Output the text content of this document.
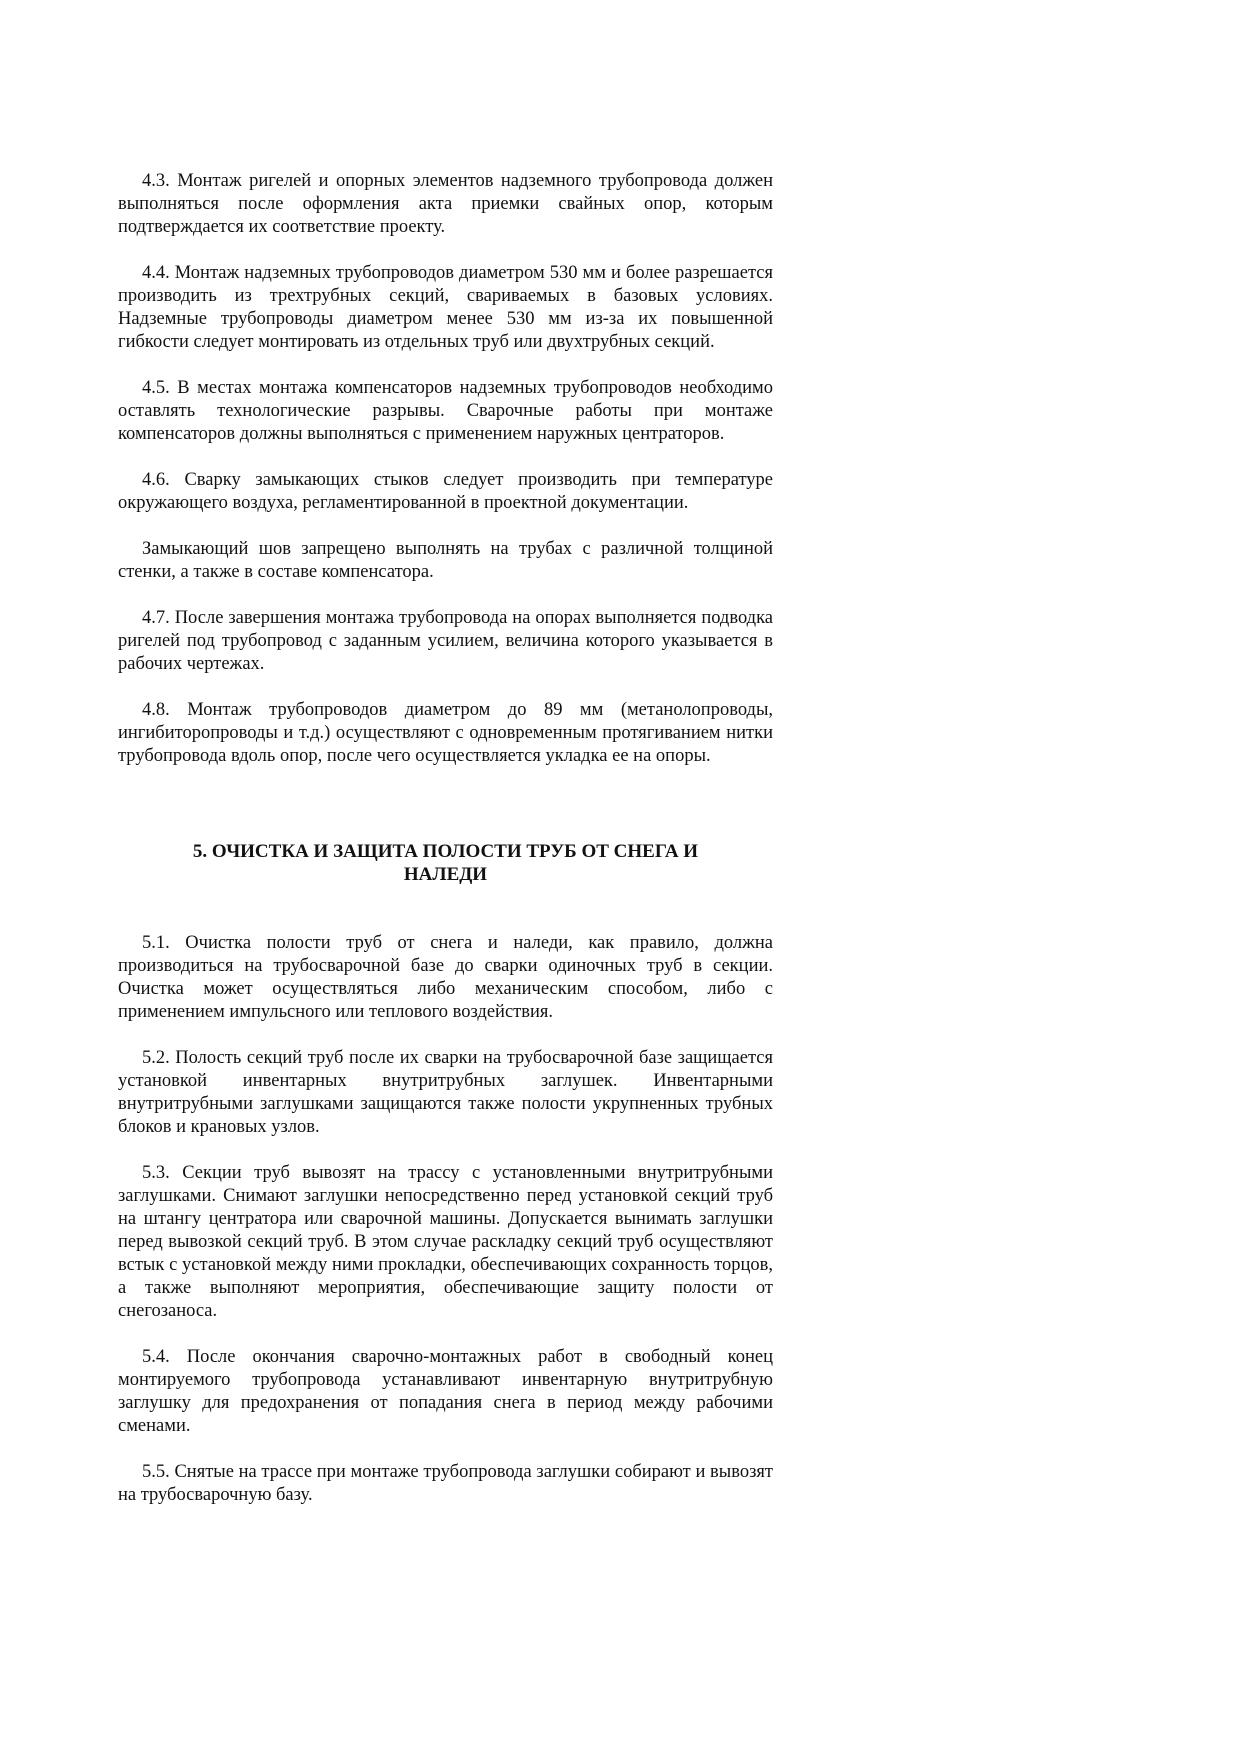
4.3. Монтаж ригелей и опорных элементов надземного трубопровода должен выполняться после оформления акта приемки свайных опор, которым подтверждается их соответствие проекту.

4.4. Монтаж надземных трубопроводов диаметром 530 мм и более разрешается производить из трехтрубных секций, свариваемых в базовых условиях. Надземные трубопроводы диаметром менее 530 мм из-за их повышенной гибкости следует монтировать из отдельных труб или двухтрубных секций.

4.5. В местах монтажа компенсаторов надземных трубопроводов необходимо оставлять технологические разрывы. Сварочные работы при монтаже компенсаторов должны выполняться с применением наружных центраторов.

4.6. Сварку замыкающих стыков следует производить при температуре окружающего воздуха, регламентированной в проектной документации.

Замыкающий шов запрещено выполнять на трубах с различной толщиной стенки, а также в составе компенсатора.

4.7. После завершения монтажа трубопровода на опорах выполняется подводка ригелей под трубопровод с заданным усилием, величина которого указывается в рабочих чертежах.

4.8. Монтаж трубопроводов диаметром до 89 мм (метанолопроводы, ингибиторопроводы и т.д.) осуществляют с одновременным протягиванием нитки трубопровода вдоль опор, после чего осуществляется укладка ее на опоры.

5. ОЧИСТКА И ЗАЩИТА ПОЛОСТИ ТРУБ ОТ СНЕГА И НАЛЕДИ

5.1. Очистка полости труб от снега и наледи, как правило, должна производиться на трубосварочной базе до сварки одиночных труб в секции. Очистка может осуществляться либо механическим способом, либо с применением импульсного или теплового воздействия.

5.2. Полость секций труб после их сварки на трубосварочной базе защищается установкой инвентарных внутритрубных заглушек. Инвентарными внутритрубными заглушками защищаются также полости укрупненных трубных блоков и крановых узлов.

5.3. Секции труб вывозят на трассу с установленными внутритрубными заглушками. Снимают заглушки непосредственно перед установкой секций труб на штангу центратора или сварочной машины. Допускается вынимать заглушки перед вывозкой секций труб. В этом случае раскладку секций труб осуществляют встык с установкой между ними прокладки, обеспечивающих сохранность торцов, а также выполняют мероприятия, обеспечивающие защиту полости от снегозаноса.

5.4. После окончания сварочно-монтажных работ в свободный конец монтируемого трубопровода устанавливают инвентарную внутритрубную заглушку для предохранения от попадания снега в период между рабочими сменами.

5.5. Снятые на трассе при монтаже трубопровода заглушки собирают и вывозят на трубосварочную базу.
